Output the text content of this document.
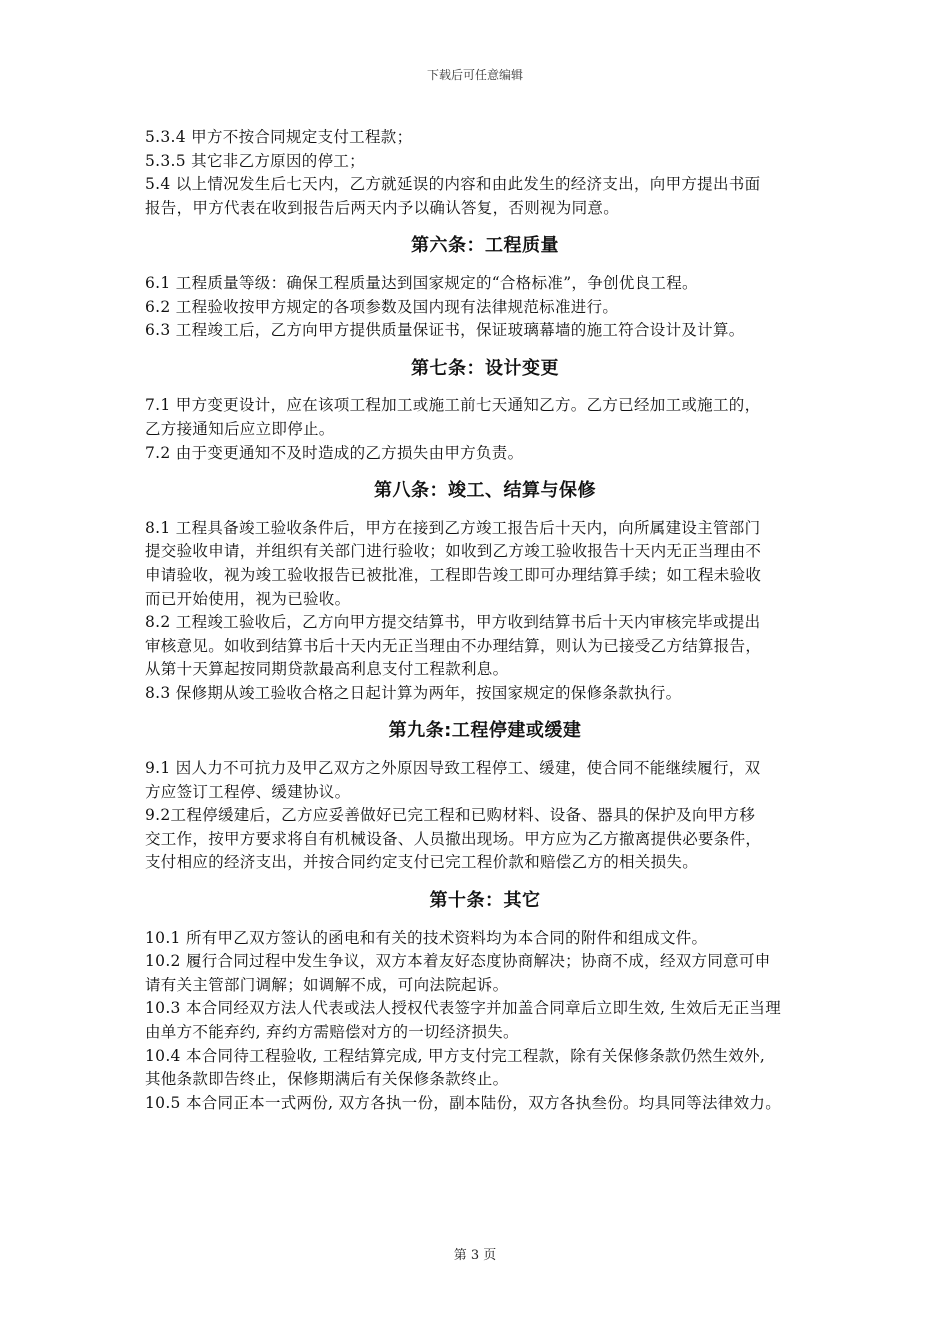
下载后可任意编辑
5.3.4 甲方不按合同规定支付工程款；
5.3.5 其它非乙方原因的停工；
5.4 以上情况发生后七天内，乙方就延误的内容和由此发生的经济支出，向甲方提出书面
报告，甲方代表在收到报告后两天内予以确认答复，否则视为同意。
第六条：工程质量
6.1 工程质量等级：确保工程质量达到国家规定的“合格标准”，争创优良工程。
6.2 工程验收按甲方规定的各项参数及国内现有法律规范标准进行。
6.3 工程竣工后，乙方向甲方提供质量保证书，保证玻璃幕墙的施工符合设计及计算。
第七条：设计变更
7.1 甲方变更设计，应在该项工程加工或施工前七天通知乙方。乙方已经加工或施工的，
乙方接通知后应立即停止。
7.2 由于变更通知不及时造成的乙方损失由甲方负责。
第八条：竣工、结算与保修
8.1 工程具备竣工验收条件后，甲方在接到乙方竣工报告后十天内，向所属建设主管部门
提交验收申请，并组织有关部门进行验收；如收到乙方竣工验收报告十天内无正当理由不
申请验收，视为竣工验收报告已被批准，工程即告竣工即可办理结算手续；如工程未验收
而已开始使用，视为已验收。
8.2 工程竣工验收后，乙方向甲方提交结算书，甲方收到结算书后十天内审核完毕或提出
审核意见。如收到结算书后十天内无正当理由不办理结算，则认为已接受乙方结算报告，
从第十天算起按同期贷款最高利息支付工程款利息。
8.3 保修期从竣工验收合格之日起计算为两年，按国家规定的保修条款执行。
第九条:工程停建或缓建
9.1 因人力不可抗力及甲乙双方之外原因导致工程停工、缓建，使合同不能继续履行，双
方应签订工程停、缓建协议。
9.2工程停缓建后，乙方应妥善做好已完工程和已购材料、设备、器具的保护及向甲方移
交工作，按甲方要求将自有机械设备、人员撤出现场。甲方应为乙方撤离提供必要条件，
支付相应的经济支出，并按合同约定支付已完工程价款和赔偿乙方的相关损失。
第十条：其它
10.1 所有甲乙双方签认的函电和有关的技术资料均为本合同的附件和组成文件。
10.2 履行合同过程中发生争议，双方本着友好态度协商解决；协商不成，经双方同意可申
请有关主管部门调解；如调解不成，可向法院起诉。
10.3 本合同经双方法人代表或法人授权代表签字并加盖合同章后立即生效, 生效后无正当理
由单方不能弃约, 弃约方需赔偿对方的一切经济损失。
10.4 本合同待工程验收, 工程结算完成, 甲方支付完工程款，除有关保修条款仍然生效外,
其他条款即告终止，保修期满后有关保修条款终止。
10.5 本合同正本一式两份, 双方各执一份，副本陆份，双方各执叁份。均具同等法律效力。
第 3 页
